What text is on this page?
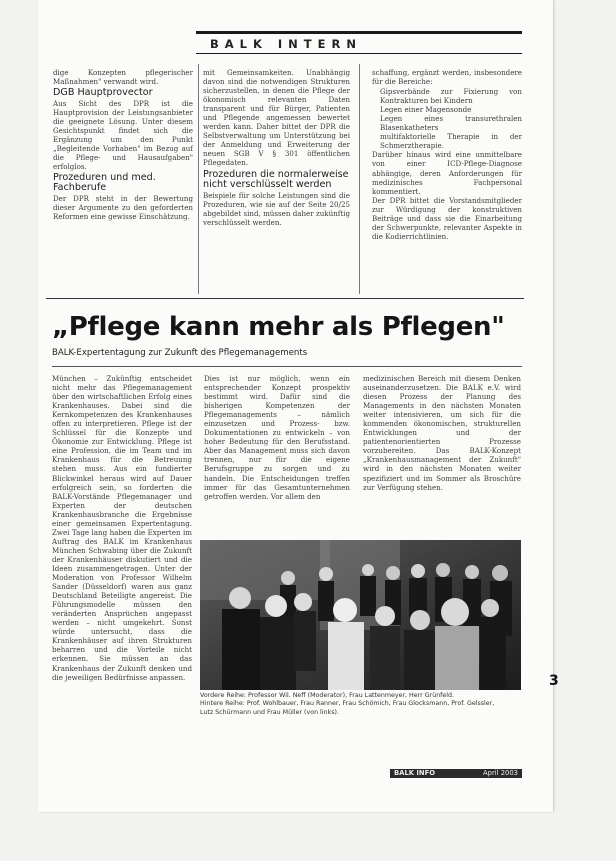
BALK INTERN

dige Konzepten pflegerischer Maßnahmen" verwandt wird.

DGB Hauptprovector

Aus Sicht des DPR ist die Hauptprovision der Leistungsanbieter die geeignete Lösung. Unter diesem Gesichtspunkt findet sich die Ergänzung um den Punkt „Begleitende Vorhaben" im Bezug auf die Pflege- und Hausaufgaben" erfolglos.

Prozeduren und med. Fachberufe

Der DPR steht in der Bewertung dieser Argumente zu den geforderten Reformen eine gewisse Einschätzung.

mit Gemeinsamkeiten. Unabhängig davon sind die notwendigen Strukturen sicherzustellen, in denen die Pflege der ökonomisch relevanten Daten transparent und für Bürger, Patienten und Pflegende angemessen bewertet werden kann. Daher bittet der DPR die Selbstverwaltung um Unterstützung bei der Anmeldung und Erweiterung der neuen SGB V § 301 öffentlichen Pflegedaten.

Prozeduren die normalerweise nicht verschlüsselt werden

Beispiele für solche Leistungen sind die Prozeduren, wie sie auf der Seite 20/25 abgebildet sind, müssen daher zukünftig verschlüsselt werden.

schaffung, ergänzt werden, insbesondere für die Bereiche:

• Gipsverbände zur Fixierung von Kontrakturen bei Kindern
• Legen einer Magensonde
• Legen eines transurethralen Blasenkatheters
• multifaktorielle Therapie in der Schmerztherapie.

Darüber hinaus wird eine unmittelbare von einer ICD-Pflege-Diagnose abhängige, deren Anforderungen für medizinisches Fachpersonal kommentiert.

Der DPR bittet die Vorstandsmitglieder zur Würdigung der konstruktiven Beiträge und dass sie die Einarbeitung der Schwerpunkte, relevanter Aspekte in die Kodierrichtlinien.

„Pflege kann mehr als Pflegen"
BALK-Expertentagung zur Zukunft des Pflegemanagements

München – Zukünftig entscheidet nicht mehr das Pflegemanagement über den wirtschaftlichen Erfolg eines Krankenhauses. Dabei sind die Kernkompetenzen des Krankenhauses offen zu interpretieren. Pflege ist der Schlüssel für die Konzepte und Ökonomie zur Entwicklung. Pflege ist eine Profession, die im Team und im Krankenhaus für die Betreuung stehen muss. Aus ein fundierter Blickwinkel heraus wird auf Dauer erfolgreich sein, so forderten die BALK-Vorstände Pflegemanager und Experten der deutschen Krankenhausbranche die Ergebnisse einer gemeinsamen Expertentagung. Zwei Tage lang haben die Experten im Auftrag des BALK im Krankenhaus München Schwabing über die Zukunft der Krankenhäuser diskutiert und die Ideen zusammengetragen. Unter der Moderation von Professor Wilhelm Sander (Düsseldorf) waren aus ganz Deutschland Beteiligte angereist. Die Führungsmodelle müssen den veränderten Ansprüchen angepasst werden – nicht umgekehrt. Sonst würde untersucht, dass die Krankenhäuser auf ihren Strukturen beharren und die Vorteile nicht erkennen. Sie müssen an das Krankenhaus der Zukunft denken und die jeweiligen Bedürfnisse anpassen.

Dies ist nur möglich, wenn ein entsprechender Konzept prospektiv bestimmt wird. Dafür sind die bisherigen Kompetenzen der Pflegemanagements – nämlich einzusetzen und Prozess- bzw. Dokumentationen zu entwickeln – von hoher Bedeutung für den Berufsstand. Aber das Management muss sich davon trennen, nur für die eigene Berufsgruppe zu sorgen und zu handeln. Die Entscheidungen treffen immer für das Gesamtunternehmen getroffen werden. Vor allem den

medizinischen Bereich mit diesem Denken auseinanderzusetzen. Die BALK e.V. wird diesen Prozess der Planung des Managements in den nächsten Monaten weiter intensivieren, um sich für die kommenden ökonomischen, strukturellen Entwicklungen und der patientenorientierten Prozesse vorzubereiten. Das BALK-Konzept „Krankenhausmanagement der Zukunft" wird in den nächsten Monaten weiter spezifiziert und im Sommer als Broschüre zur Verfügung stehen.

Vordere Reihe: Professor Wil. Neff (Moderator), Frau Lattenmeyer, Herr Grünfeld.

Hintere Reihe: Prof. Wohlbauer, Frau Ranner, Frau Schömich, Frau Glocksmann, Prof. Gelssler,

Lutz Schürmann und Frau Müller (von links).

3
BALK INFO	April 2003
